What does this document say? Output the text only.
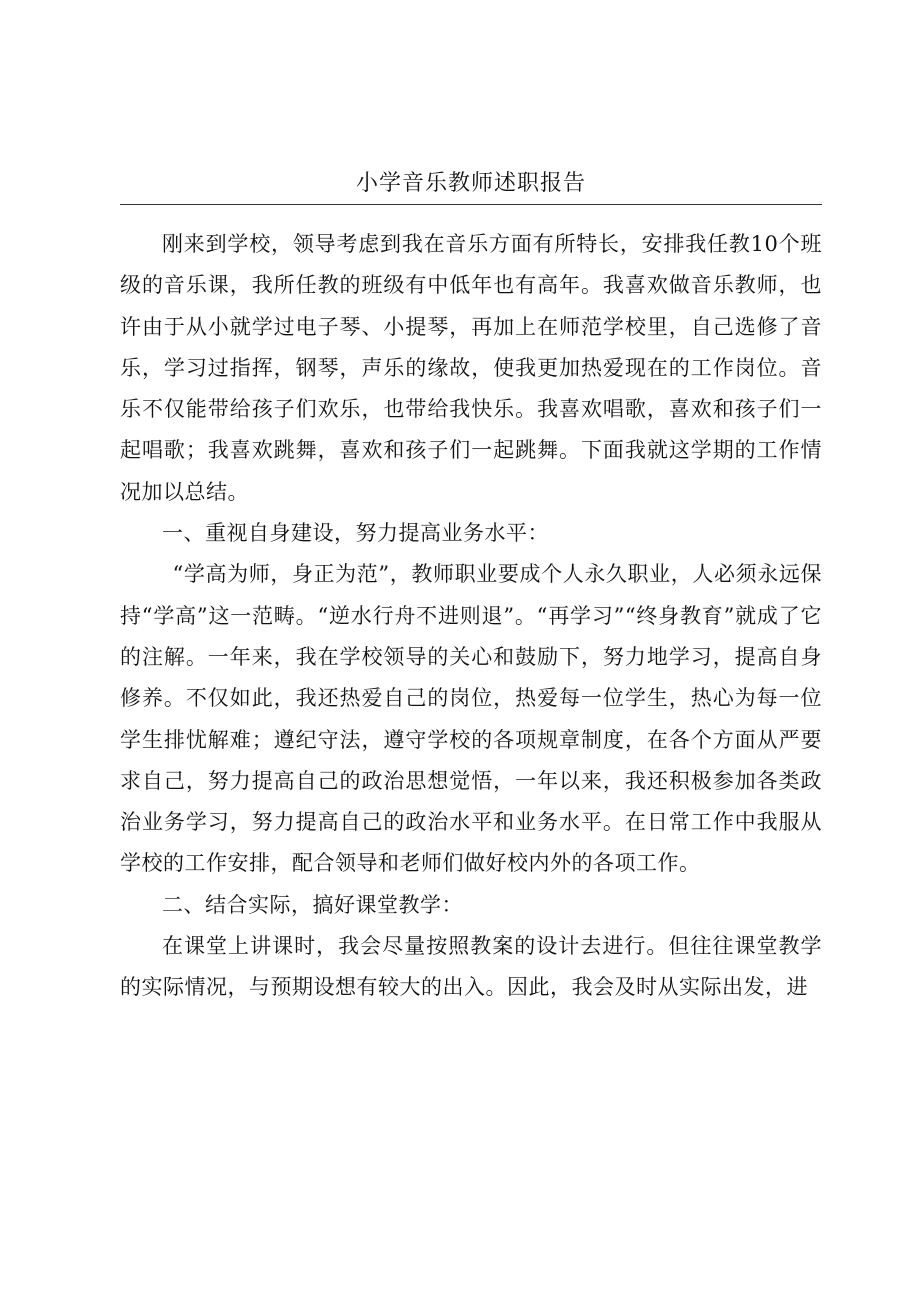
小学音乐教师述职报告

刚来到学校，领导考虑到我在音乐方面有所特长，安排我任教10个班级的音乐课，我所任教的班级有中低年也有高年。我喜欢做音乐教师，也许由于从小就学过电子琴、小提琴，再加上在师范学校里，自己选修了音乐，学习过指挥，钢琴，声乐的缘故，使我更加热爱现在的工作岗位。音乐不仅能带给孩子们欢乐，也带给我快乐。我喜欢唱歌，喜欢和孩子们一起唱歌；我喜欢跳舞，喜欢和孩子们一起跳舞。下面我就这学期的工作情况加以总结。

一、重视自身建设，努力提高业务水平：

“学高为师，身正为范”，教师职业要成个人永久职业，人必须永远保持“学高”这一范畴。“逆水行舟不进则退”。“再学习”“终身教育”就成了它的注解。一年来，我在学校领导的关心和鼓励下，努力地学习，提高自身修养。不仅如此，我还热爱自己的岗位，热爱每一位学生，热心为每一位学生排忧解难；遵纪守法，遵守学校的各项规章制度，在各个方面从严要求自己，努力提高自己的政治思想觉悟，一年以来，我还积极参加各类政治业务学习，努力提高自己的政治水平和业务水平。在日常工作中我服从学校的工作安排，配合领导和老师们做好校内外的各项工作。

二、结合实际，搞好课堂教学：

在课堂上讲课时，我会尽量按照教案的设计去进行。但往往课堂教学的实际情况，与预期设想有较大的出入。因此，我会及时从实际出发，进
